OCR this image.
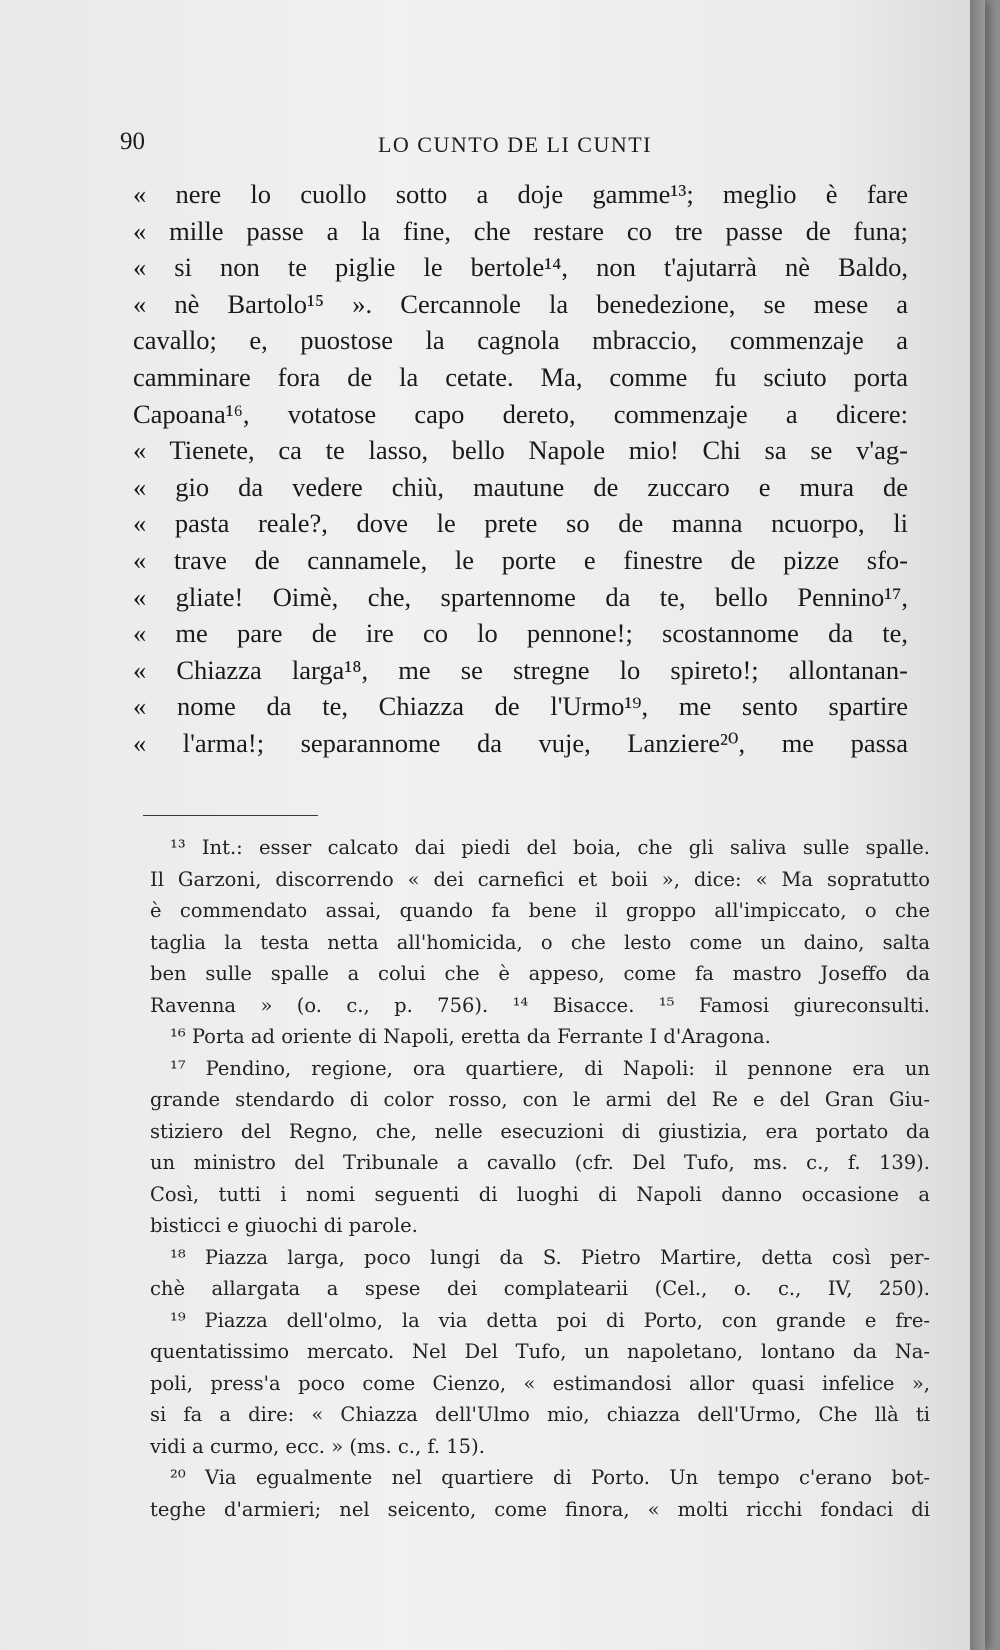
90	LO CUNTO DE LI CUNTI
« nere lo cuollo sotto a doje gamme¹³; meglio è fare
« mille passe a la fine, che restare co tre passe de funa;
« si non te piglie le bertole¹⁴, non t'ajutarrà nè Baldo,
« nè Bartolo¹⁵ ». Cercannole la benedezione, se mese a
cavallo; e, puostose la cagnola mbraccio, commenzaje a
camminare fora de la cetate. Ma, comme fu sciuto porta
Capoana¹⁶, votatose capo dereto, commenzaje a dicere:
« Tienete, ca te lasso, bello Napole mio! Chi sa se v'ag-
« gio da vedere chiù, mautune de zuccaro e mura de
« pasta reale?, dove le prete so de manna ncuorpo, li
« trave de cannamele, le porte e finestre de pizze sfo-
« gliate! Oimè, che, spartennome da te, bello Pennino¹⁷,
« me pare de ire co lo pennone!; scostannome da te,
« Chiazza larga¹⁸, me se stregne lo spireto!; allontanan-
« nome da te, Chiazza de l'Urmo¹⁹, me sento spartire
« l'arma!; separannome da vuje, Lanziere²⁰, me passa
¹³ Int.: esser calcato dai piedi del boia, che gli saliva sulle spalle.
Il Garzoni, discorrendo « dei carnefici et boii », dice: « Ma sopratutto
è commendato assai, quando fa bene il groppo all'impiccato, o che
taglia la testa netta all'homicida, o che lesto come un daino, salta
ben sulle spalle a colui che è appeso, come fa mastro Joseffo da
Ravenna » (o. c., p. 756). ¹⁴ Bisacce. ¹⁵ Famosi giureconsulti.
¹⁶ Porta ad oriente di Napoli, eretta da Ferrante I d'Aragona.
¹⁷ Pendino, regione, ora quartiere, di Napoli: il pennone era un
grande stendardo di color rosso, con le armi del Re e del Gran Giu-
stiziero del Regno, che, nelle esecuzioni di giustizia, era portato da
un ministro del Tribunale a cavallo (cfr. Del Tufo, ms. c., f. 139).
Così, tutti i nomi seguenti di luoghi di Napoli danno occasione a
bisticci e giuochi di parole.
¹⁸ Piazza larga, poco lungi da S. Pietro Martire, detta così per-
chè allargata a spese dei complatearii (Cel., o. c., IV, 250).
¹⁹ Piazza dell'olmo, la via detta poi di Porto, con grande e fre-
quentatissimo mercato. Nel Del Tufo, un napoletano, lontano da Na-
poli, press'a poco come Cienzo, « estimandosi allor quasi infelice »,
si fa a dire: « Chiazza dell'Ulmo mio, chiazza dell'Urmo, Che llà ti
vidi a curmo, ecc. » (ms. c., f. 15).
²⁰ Via egualmente nel quartiere di Porto. Un tempo c'erano bot-
teghe d'armieri; nel seicento, come finora, « molti ricchi fondaci di
